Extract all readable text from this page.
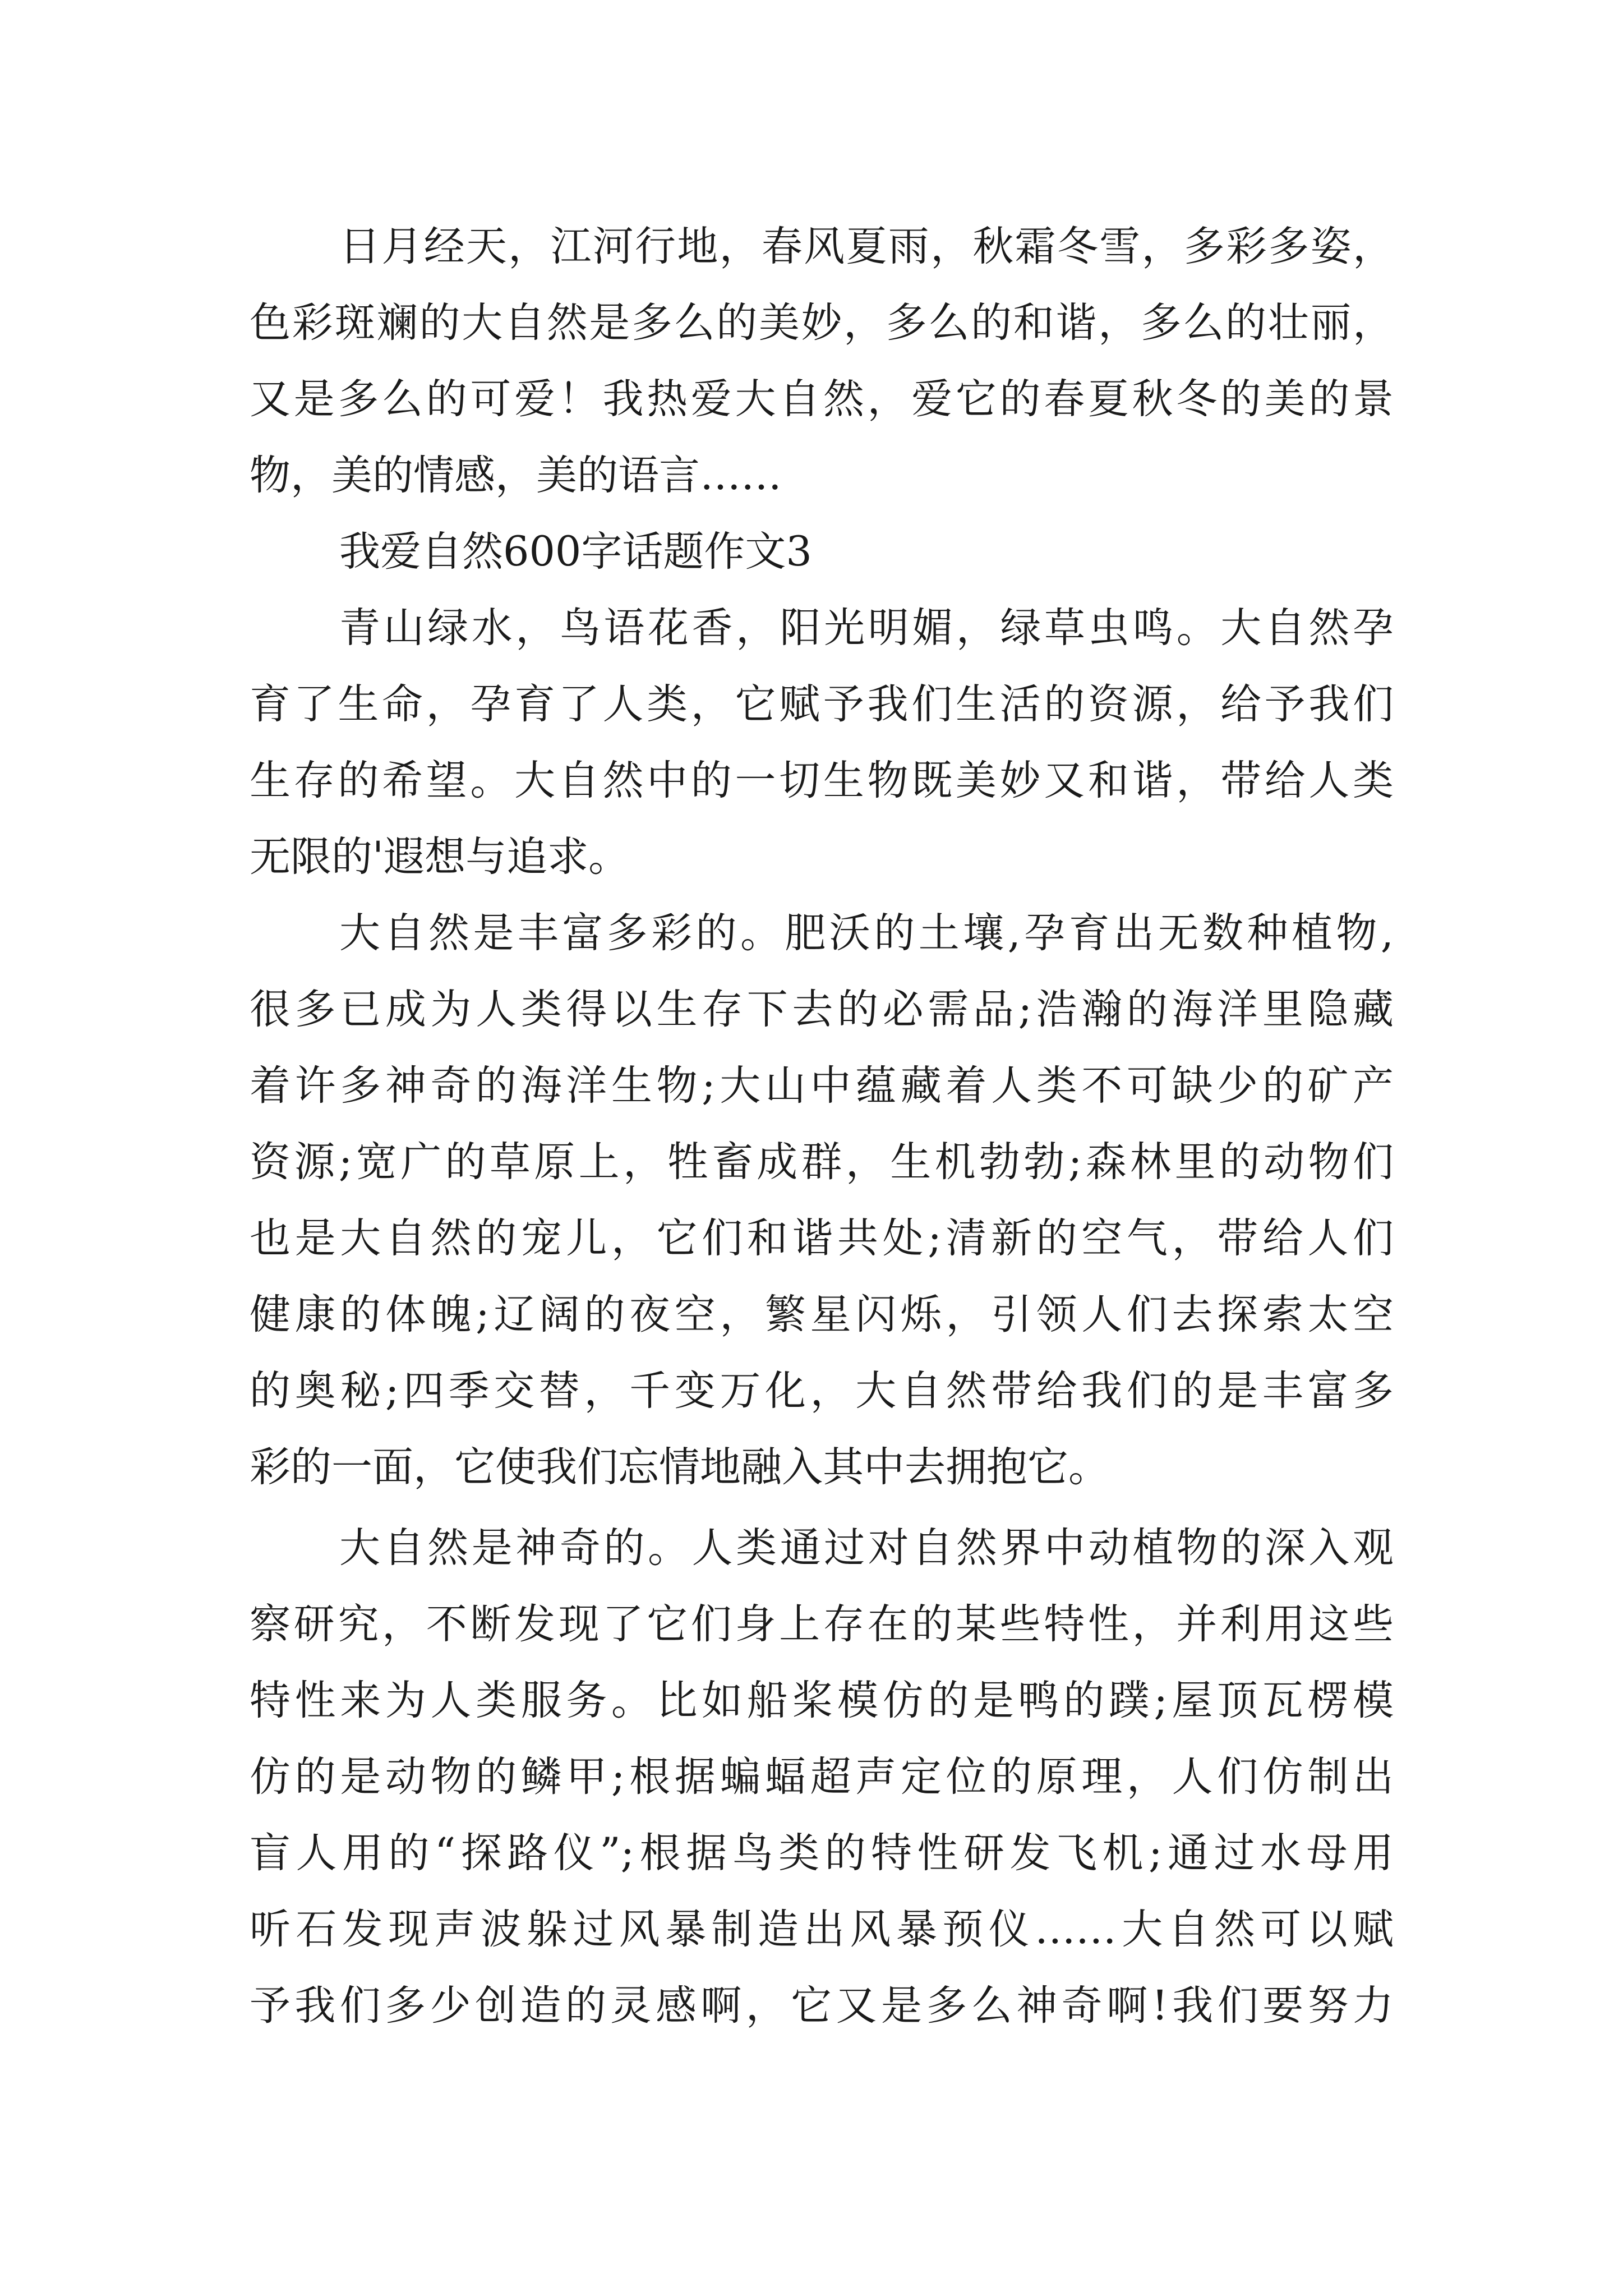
日月经天，江河行地，春风夏雨，秋霜冬雪，多彩多姿，
色彩斑斓的大自然是多么的美妙，多么的和谐，多么的壮丽，
又是多么的可爱！我热爱大自然，爱它的春夏秋冬的美的景
物，美的情感，美的语言……
我爱自然600字话题作文3
青山绿水，鸟语花香，阳光明媚，绿草虫鸣。大自然孕
育了生命，孕育了人类，它赋予我们生活的资源，给予我们
生存的希望。大自然中的一切生物既美妙又和谐，带给人类
无限的'遐想与追求。
大自然是丰富多彩的。肥沃的土壤,孕育出无数种植物,
很多已成为人类得以生存下去的必需品;浩瀚的海洋里隐藏
着许多神奇的海洋生物;大山中蕴藏着人类不可缺少的矿产
资源;宽广的草原上，牲畜成群，生机勃勃;森林里的动物们
也是大自然的宠儿，它们和谐共处;清新的空气，带给人们
健康的体魄;辽阔的夜空，繁星闪烁，引领人们去探索太空
的奥秘;四季交替，千变万化，大自然带给我们的是丰富多
彩的一面，它使我们忘情地融入其中去拥抱它。
大自然是神奇的。人类通过对自然界中动植物的深入观
察研究，不断发现了它们身上存在的某些特性，并利用这些
特性来为人类服务。比如船桨模仿的是鸭的蹼;屋顶瓦楞模
仿的是动物的鳞甲;根据蝙蝠超声定位的原理，人们仿制出
盲人用的“探路仪”;根据鸟类的特性研发飞机;通过水母用
听石发现声波躲过风暴制造出风暴预仪……大自然可以赋
予我们多少创造的灵感啊，它又是多么神奇啊!我们要努力
